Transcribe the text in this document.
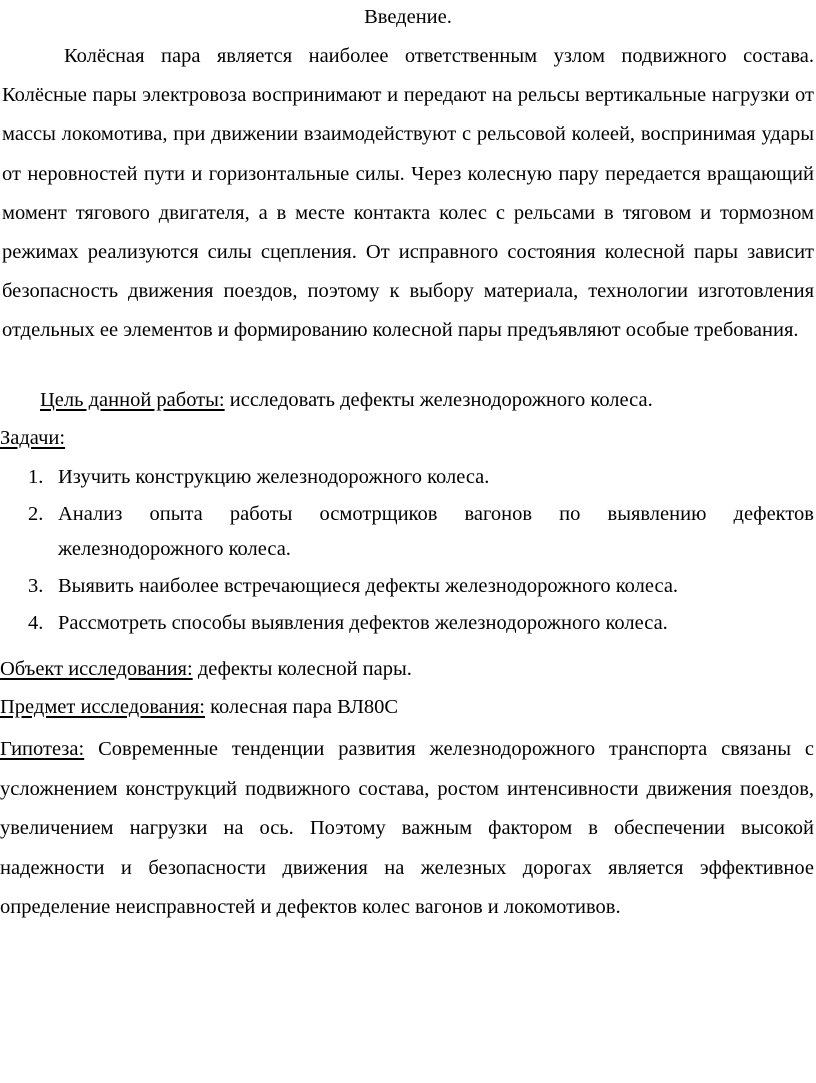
Введение.

Колёсная пара является наиболее ответственным узлом подвижного состава. Колёсные пары электровоза воспринимают и передают на рельсы вертикальные нагрузки от массы локомотива, при движении взаимодействуют с рельсовой колеей, воспринимая удары от неровностей пути и горизонтальные силы. Через колесную пару передается вращающий момент тягового двигателя, а в месте контакта колес с рельсами в тяговом и тормозном режимах реализуются силы сцепления. От исправного состояния колесной пары зависит безопасность движения поездов, поэтому к выбору материала, технологии изготовления отдельных ее элементов и формированию колесной пары предъявляют особые требования.

Цель данной работы: исследовать дефекты железнодорожного колеса.

Задачи:

1. Изучить конструкцию железнодорожного колеса.
2. Анализ опыта работы осмотрщиков вагонов по выявлению дефектов железнодорожного колеса.
3. Выявить наиболее встречающиеся дефекты железнодорожного колеса.
4. Рассмотреть способы выявления дефектов железнодорожного колеса.

Объект исследования: дефекты колесной пары.

Предмет исследования: колесная пара ВЛ80С

Гипотеза: Современные тенденции развития железнодорожного транспорта связаны с усложнением конструкций подвижного состава, ростом интенсивности движения поездов, увеличением нагрузки на ось. Поэтому важным фактором в обеспечении высокой надежности и безопасности движения на железных дорогах является эффективное определение неисправностей и дефектов колес вагонов и локомотивов.
